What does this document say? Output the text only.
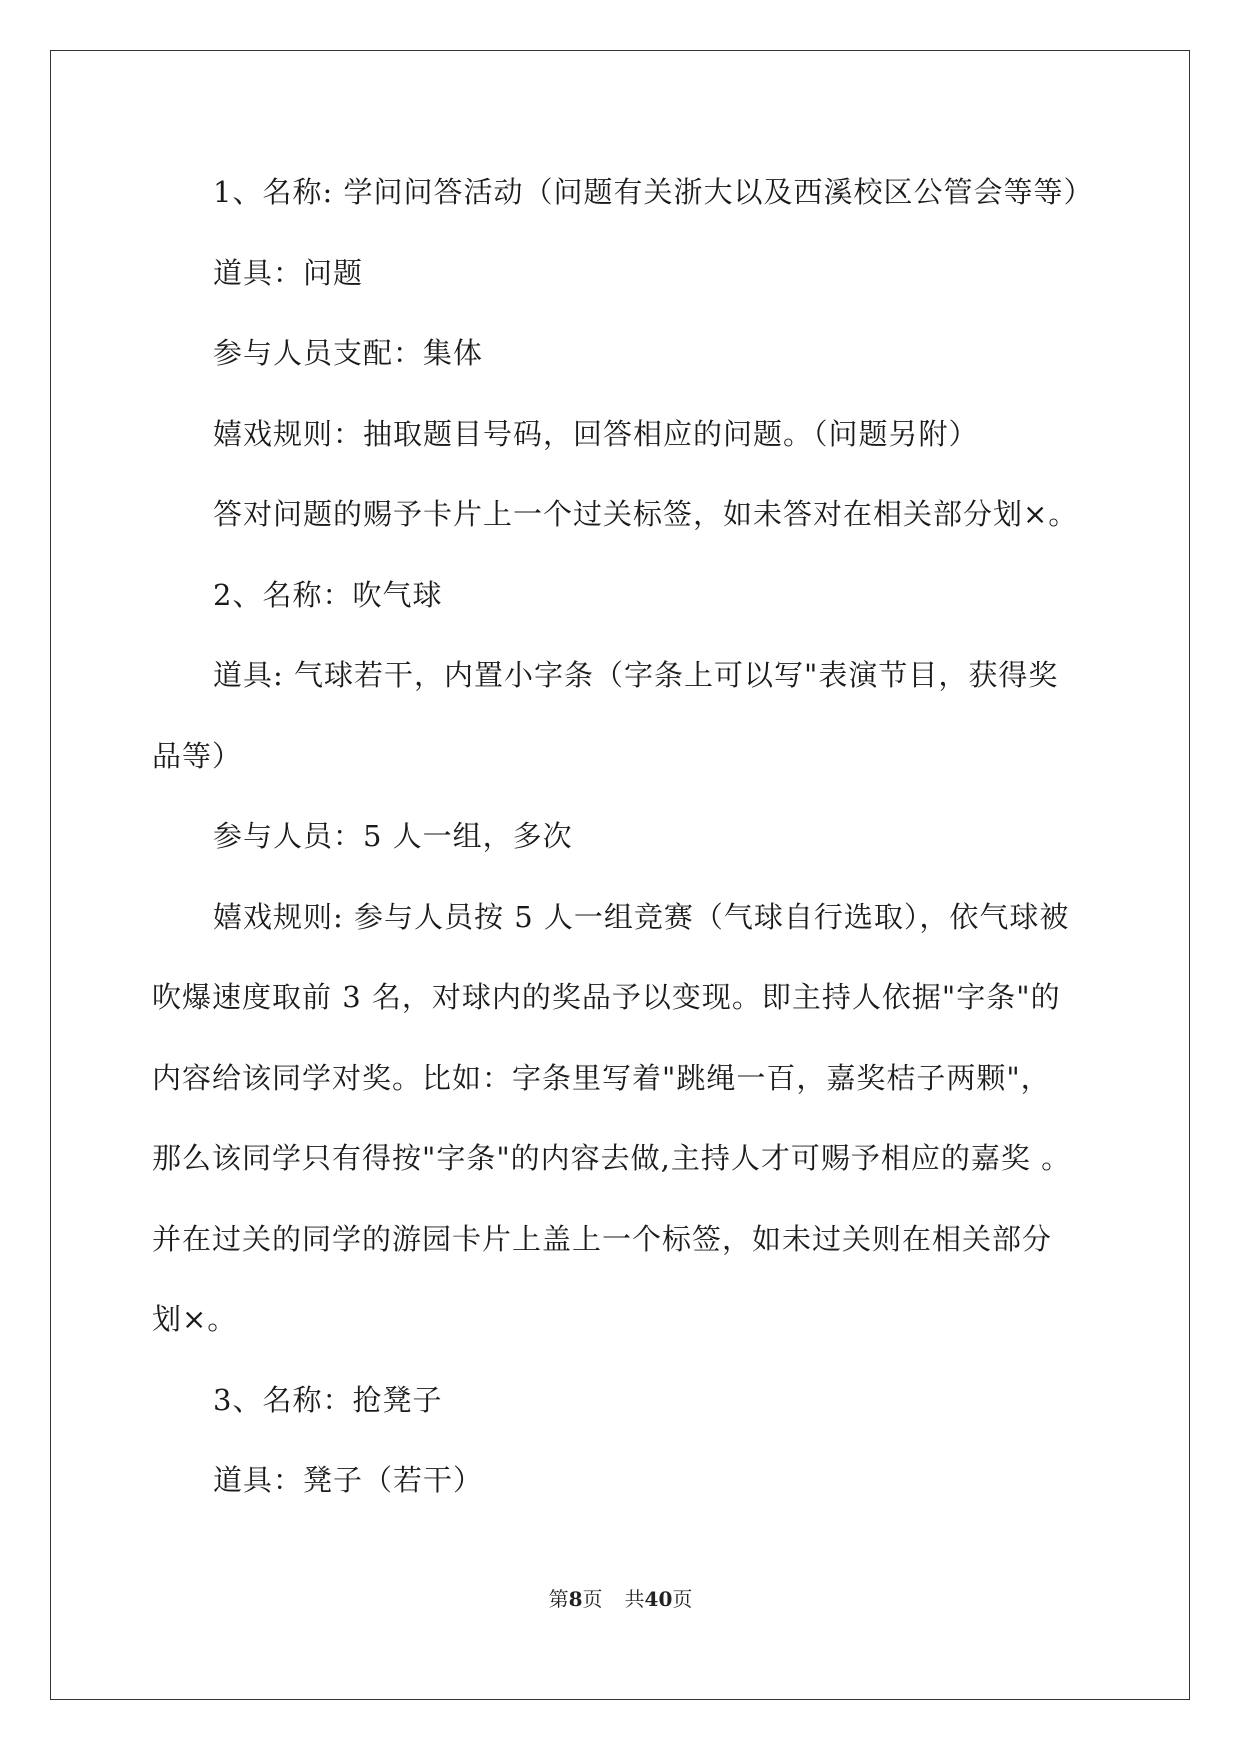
1、名称: 学问问答活动（问题有关浙大以及西溪校区公管会等等）
道具：问题
参与人员支配：集体
嬉戏规则：抽取题目号码，回答相应的问题。（问题另附）
答对问题的赐予卡片上一个过关标签，如未答对在相关部分划×。
2、名称：吹气球
道具: 气球若干，内置小字条（字条上可以写"表演节目，获得奖
品等）
参与人员：5 人一组，多次
嬉戏规则: 参与人员按 5 人一组竞赛（气球自行选取），依气球被
吹爆速度取前 3 名，对球内的奖品予以变现。即主持人依据"字条"的
内容给该同学对奖。比如：字条里写着"跳绳一百，嘉奖桔子两颗"，
那么该同学只有得按"字条"的内容去做,主持人才可赐予相应的嘉奖 。
并在过关的同学的游园卡片上盖上一个标签，如未过关则在相关部分
划×。
3、名称：抢凳子
道具：凳子（若干）
第8页 共40页
